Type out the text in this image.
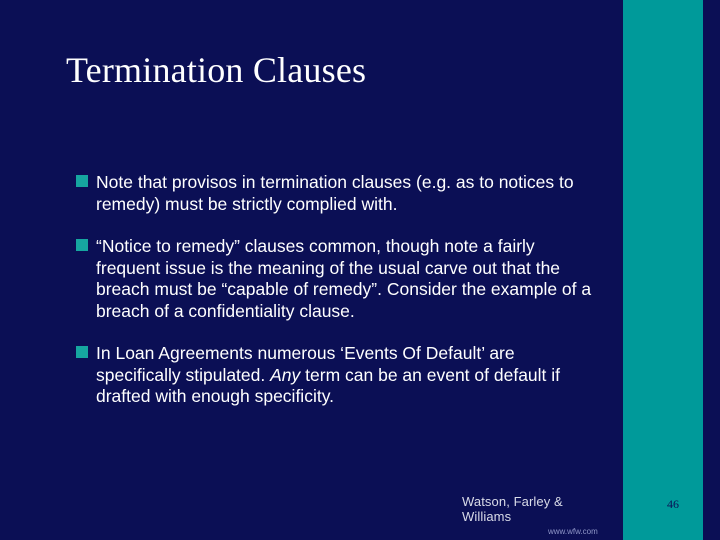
Termination Clauses
Note that provisos in termination clauses (e.g. as to notices to remedy) must be strictly complied with.
“Notice to remedy” clauses common, though note a fairly frequent issue is the meaning of the usual carve out that the breach must be “capable of remedy”. Consider the example of a breach of a confidentiality clause.
In Loan Agreements numerous ‘Events Of Default’ are specifically stipulated. Any term can be an event of default if drafted with enough specificity.
Watson, Farley & Williams
www.wfw.com
46
